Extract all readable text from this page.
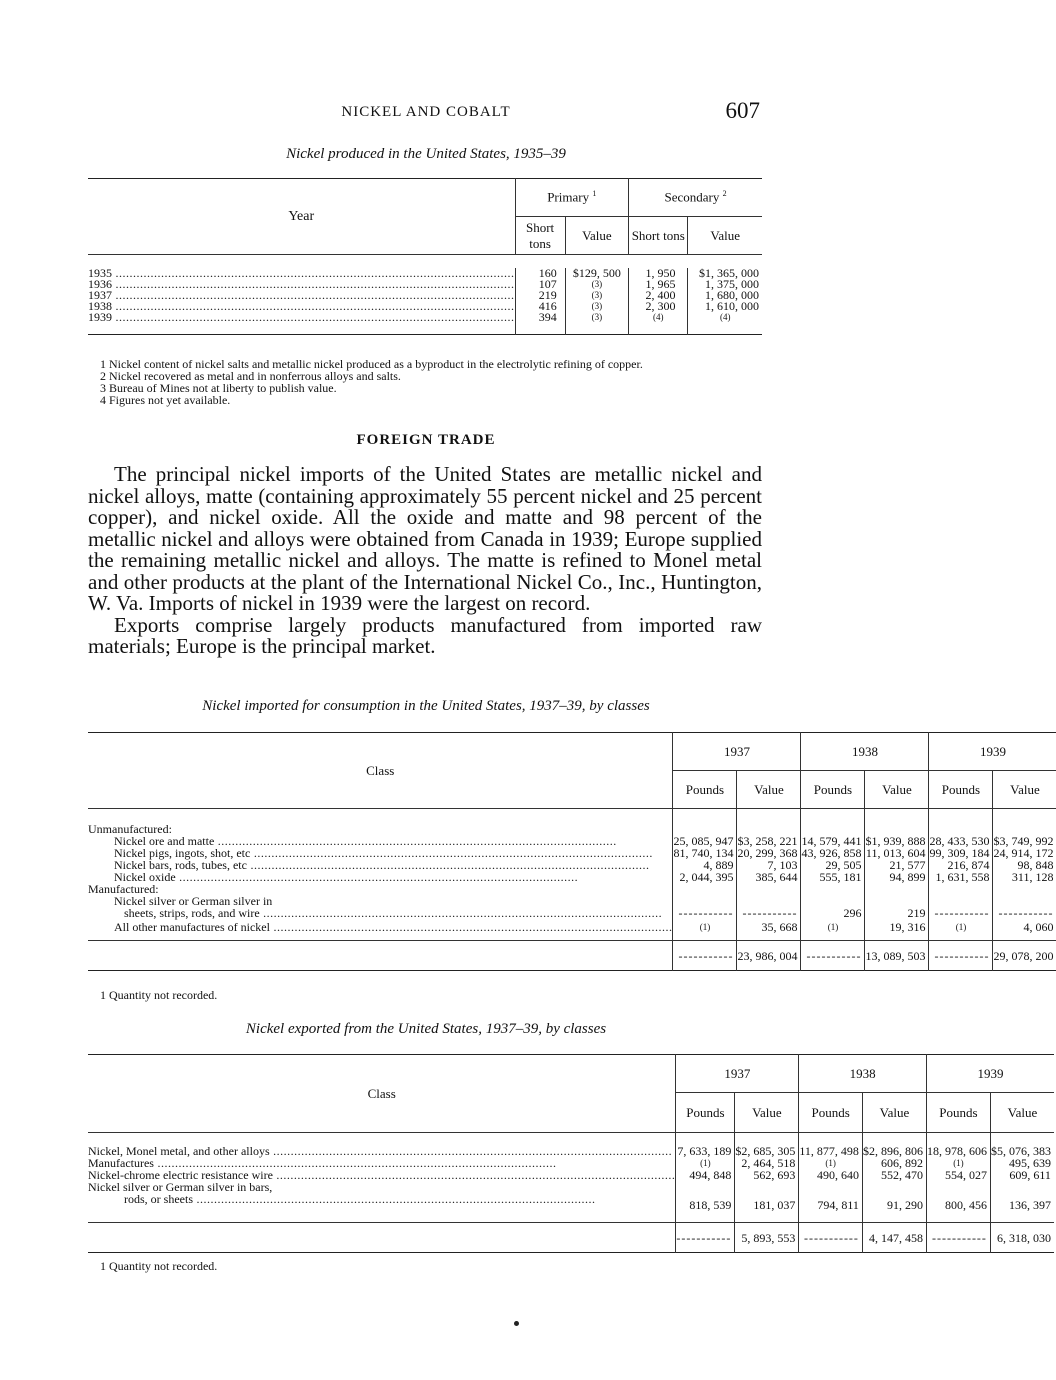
NICKEL AND COBALT	607
Nickel produced in the United States, 1935–39
Year	Primary $^1$		Secondary $^2$
	Short tons	Value	Short tons	Value

1935 .....	160	$129, 500	1, 950	$1, 365, 000
1936 .....	107	(3)	1, 965	1, 375, 000
1937 .....	219	(3)	2, 400	1, 680, 000
1938 .....	416	(3)	2, 300	1, 610, 000
1939 .....	394	(3)	(4)	(4)

1 Nickel content of nickel salts and metallic nickel produced as a byproduct in the electrolytic refining of copper.

2 Nickel recovered as metal and in nonferrous alloys and salts.

3 Bureau of Mines not at liberty to publish value.

4 Figures not yet available.

FOREIGN TRADE

The principal nickel imports of the United States are metallic nickel and nickel alloys, matte (containing approximately 55 percent nickel and 25 percent copper), and nickel oxide. All the oxide and matte and 98 percent of the metallic nickel and alloys were obtained from Canada in 1939; Europe supplied the remaining metallic nickel and alloys. The matte is refined to Monel metal and other products at the plant of the International Nickel Co., Inc., Huntington, W. Va. Imports of nickel in 1939 were the largest on record.

Exports comprise largely products manufactured from imported raw materials; Europe is the principal market.

Nickel imported for consumption in the United States, 1937–39, by classes
Class	1937		1938		1939	
	Pounds	Value	Pounds	Value	Pounds	Value

Unmanufactured:						
Nickel ore and matte .....	25, 085, 947	$3, 258, 221	14, 579, 441	$1, 939, 888	28, 433, 530	$3, 749, 992
Nickel pigs, ingots, shot, etc .....	81, 740, 134	20, 299, 368	43, 926, 858	11, 013, 604	99, 309, 184	24, 914, 172
Nickel bars, rods, tubes, etc .....	4, 889	7, 103	29, 505	21, 577	216, 874	98, 848
Nickel oxide .....	2, 044, 395	385, 644	555, 181	94, 899	1, 631, 558	311, 128
Manufactured:						
Nickel silver or German silver in						
sheets, strips, rods, and wire .....	-----------	-----------	296	219	-----------	-----------
All other manufactures of nickel .....	(1)	35, 668	(1)	19, 316	(1)	4, 060

	-----------	23, 986, 004	-----------	13, 089, 503	-----------	29, 078, 200

1 Quantity not recorded.

Nickel exported from the United States, 1937–39, by classes
Class	1937		1938		1939	
	Pounds	Value	Pounds	Value	Pounds	Value

Nickel, Monel metal, and other alloys .....	7, 633, 189	$2, 685, 305	11, 877, 498	$2, 896, 806	18, 978, 606	$5, 076, 383
Manufactures .....	(1)	2, 464, 518	(1)	606, 892	(1)	495, 639
Nickel-chrome electric resistance wire .....	494, 848	562, 693	490, 640	552, 470	554, 027	609, 611
Nickel silver or German silver in bars,						
rods, or sheets .....	818, 539	181, 037	794, 811	91, 290	800, 456	136, 397

	-----------	5, 893, 553	-----------	4, 147, 458	-----------	6, 318, 030

1 Quantity not recorded.
